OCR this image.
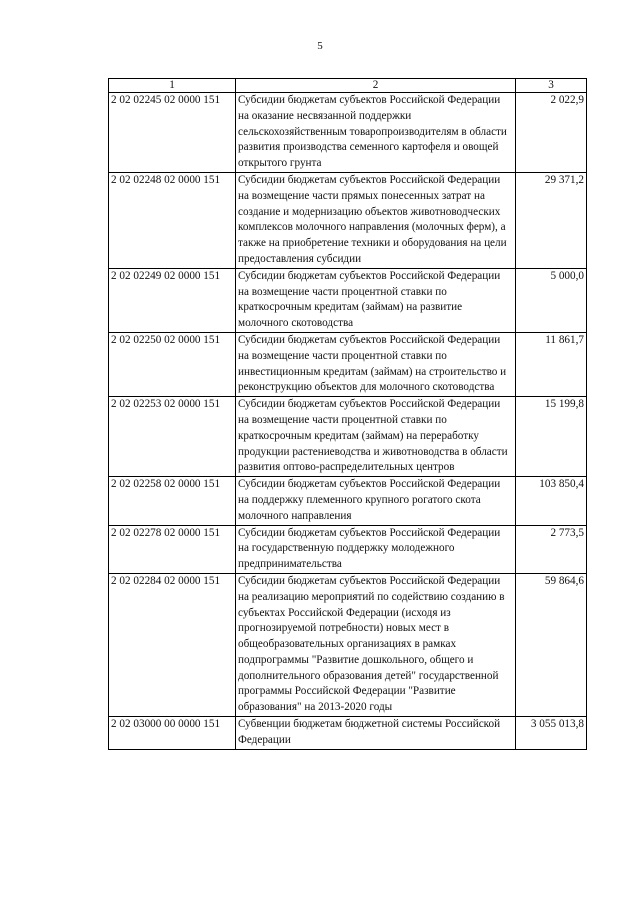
5
1	2	3
2 02 02245 02 0000 151	Субсидии бюджетам субъектов Российской Федерации на оказание несвязанной поддержки сельскохозяйственным товаропроизводителям в области развития производства семенного картофеля и овощей открытого грунта	2 022,9
2 02 02248 02 0000 151	Субсидии бюджетам субъектов Российской Федерации на возмещение части прямых понесенных затрат на создание и модернизацию объектов животноводческих комплексов молочного направления (молочных ферм), а также на приобретение техники и оборудования на цели предоставления субсидии	29 371,2
2 02 02249 02 0000 151	Субсидии бюджетам субъектов Российской Федерации на возмещение части процентной ставки по краткосрочным кредитам (займам) на развитие молочного скотоводства	5 000,0
2 02 02250 02 0000 151	Субсидии бюджетам субъектов Российской Федерации на возмещение части процентной ставки по инвестиционным кредитам (займам) на строительство и реконструкцию объектов для молочного скотоводства	11 861,7
2 02 02253 02 0000 151	Субсидии бюджетам субъектов Российской Федерации на возмещение части процентной ставки по краткосрочным кредитам (займам) на переработку продукции растениеводства и животноводства в области развития оптово-распределительных центров	15 199,8
2 02 02258 02 0000 151	Субсидии бюджетам субъектов Российской Федерации на поддержку племенного крупного рогатого скота молочного направления	103 850,4
2 02 02278 02 0000 151	Субсидии бюджетам субъектов Российской Федерации на государственную поддержку молодежного предпринимательства	2 773,5
2 02 02284 02 0000 151	Субсидии бюджетам субъектов Российской Федерации на реализацию мероприятий по содействию созданию в субъектах Российской Федерации (исходя из прогнозируемой потребности) новых мест в общеобразовательных организациях в рамках подпрограммы "Развитие дошкольного, общего и дополнительного образования детей" государственной программы Российской Федерации "Развитие образования" на 2013-2020 годы	59 864,6
2 02 03000 00 0000 151	Субвенции бюджетам бюджетной системы Российской Федерации	3 055 013,8
